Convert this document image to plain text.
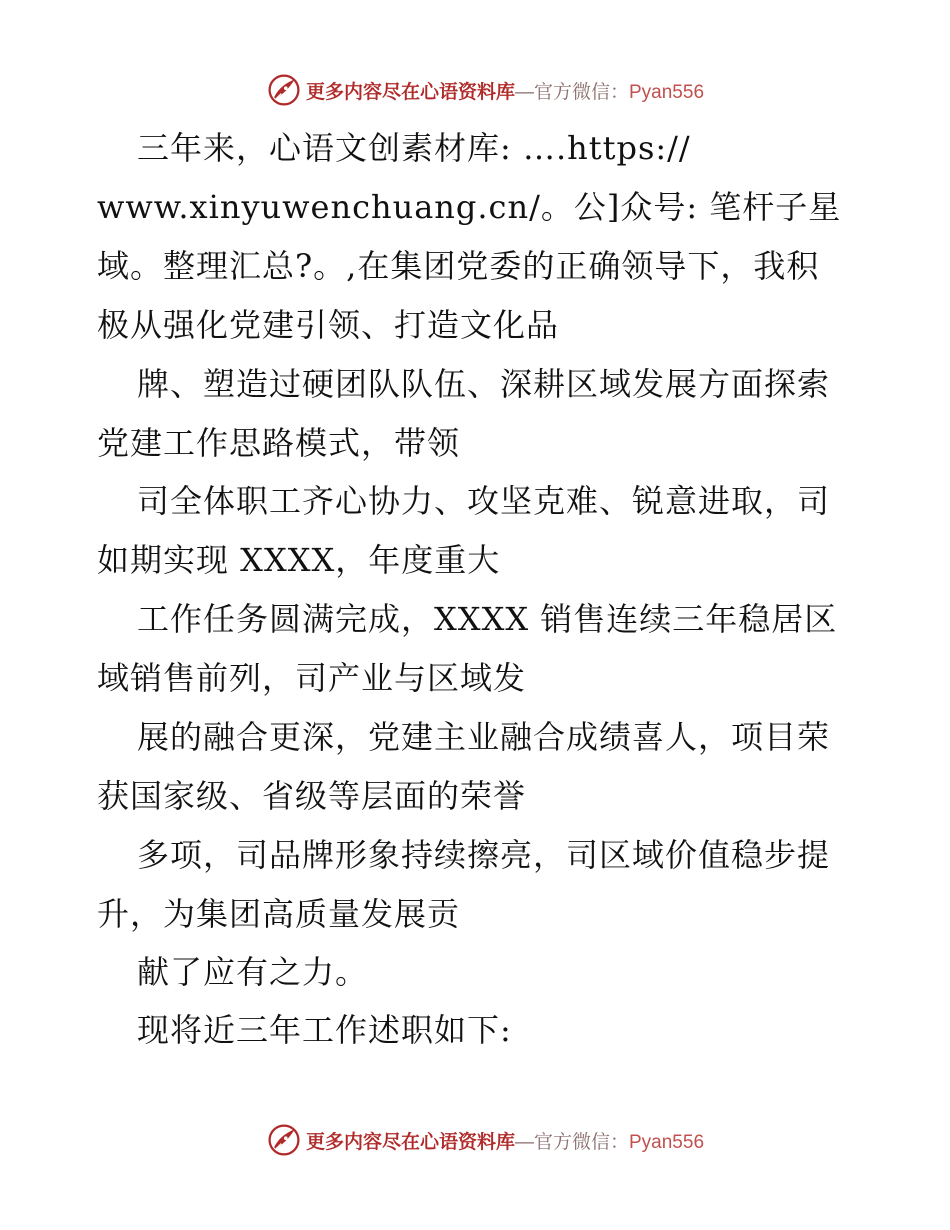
更多内容尽在心语资料库—官方微信：Pyan556
三年来，心语文创素材库: ….https://
www.xinyuwenchuang.cn/。公]众号: 笔杆子星
域。整理汇总?。,在集团党委的正确领导下，我积
极从强化党建引领、打造文化品
牌、塑造过硬团队队伍、深耕区域发展方面探索
党建工作思路模式，带领
司全体职工齐心协力、攻坚克难、锐意进取，司
如期实现 XXXX，年度重大
工作任务圆满完成，XXXX 销售连续三年稳居区
域销售前列，司产业与区域发
展的融合更深，党建主业融合成绩喜人，项目荣
获国家级、省级等层面的荣誉
多项，司品牌形象持续擦亮，司区域价值稳步提
升，为集团高质量发展贡
献了应有之力。
现将近三年工作述职如下:
更多内容尽在心语资料库—官方微信：Pyan556
